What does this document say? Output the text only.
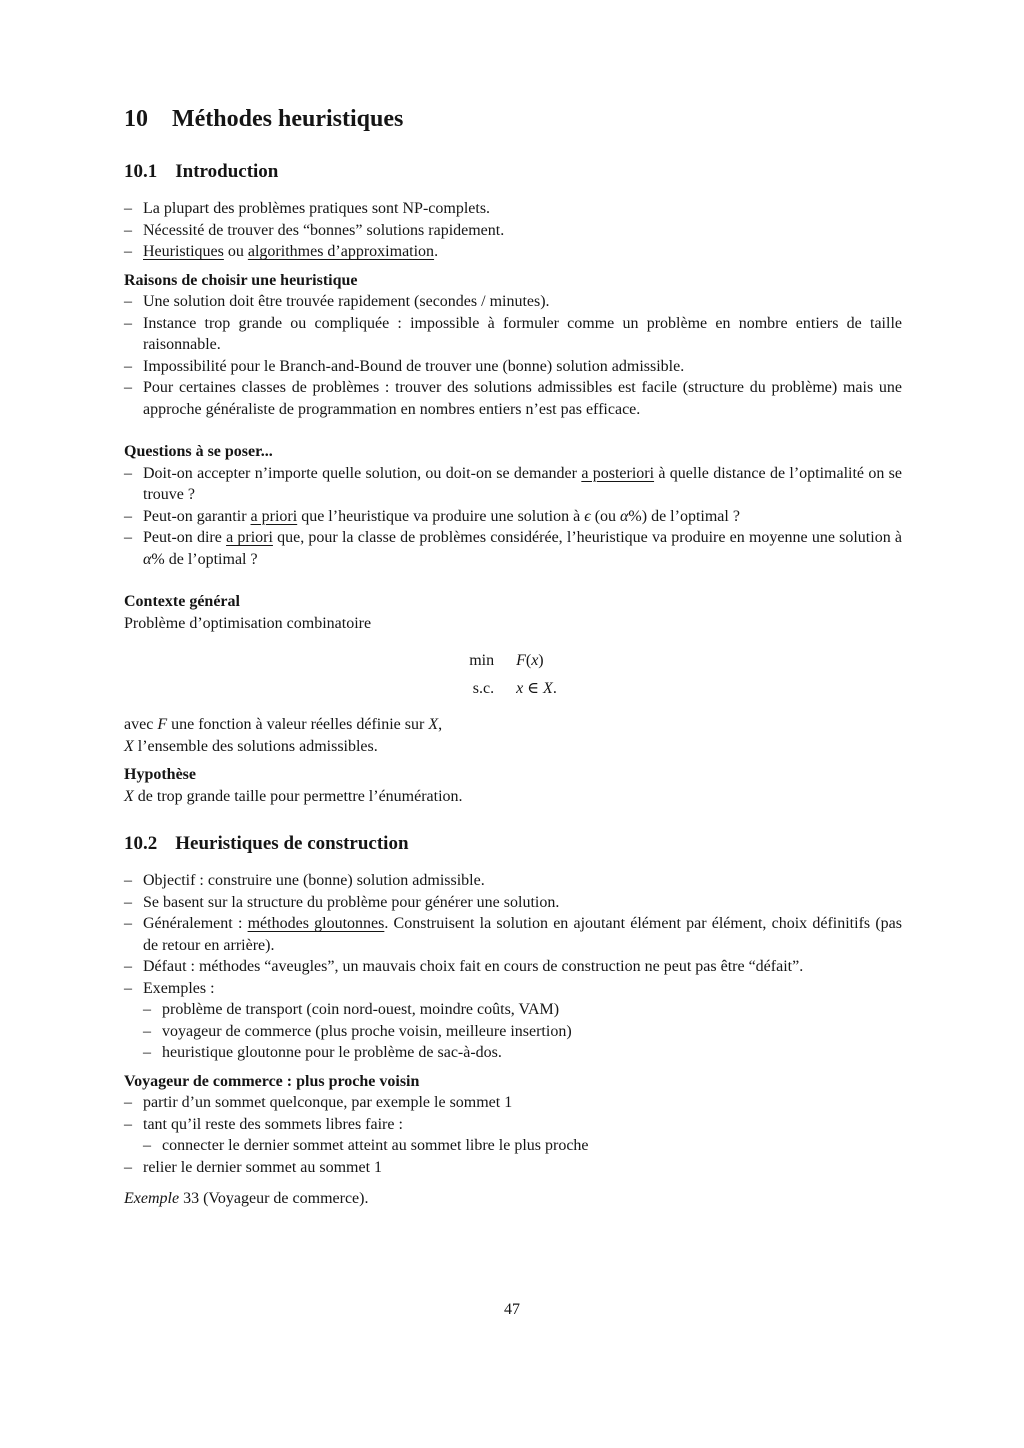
10 Méthodes heuristiques
10.1 Introduction
– La plupart des problèmes pratiques sont NP-complets.
– Nécessité de trouver des “bonnes” solutions rapidement.
– Heuristiques ou algorithmes d’approximation.
Raisons de choisir une heuristique
– Une solution doit être trouvée rapidement (secondes / minutes).
– Instance trop grande ou compliquée : impossible à formuler comme un problème en nombre entiers de taille raisonnable.
– Impossibilité pour le Branch-and-Bound de trouver une (bonne) solution admissible.
– Pour certaines classes de problèmes : trouver des solutions admissibles est facile (structure du problème) mais une approche généraliste de programmation en nombres entiers n’est pas efficace.
Questions à se poser...
– Doit-on accepter n’importe quelle solution, ou doit-on se demander a posteriori à quelle distance de l’optimalité on se trouve ?
– Peut-on garantir a priori que l’heuristique va produire une solution à ϵ (ou α%) de l’optimal ?
– Peut-on dire a priori que, pour la classe de problèmes considérée, l’heuristique va produire en moyenne une solution à α% de l’optimal ?
Contexte général
Problème d’optimisation combinatoire
min F(x)
s.c. x ∈ X.
avec F une fonction à valeur réelles définie sur X,
X l’ensemble des solutions admissibles.
Hypothèse
X de trop grande taille pour permettre l’énumération.
10.2 Heuristiques de construction
– Objectif : construire une (bonne) solution admissible.
– Se basent sur la structure du problème pour générer une solution.
– Généralement : méthodes gloutonnes. Construisent la solution en ajoutant élément par élément, choix définitifs (pas de retour en arrière).
– Défaut : méthodes “aveugles”, un mauvais choix fait en cours de construction ne peut pas être “défait”.
– Exemples :
– problème de transport (coin nord-ouest, moindre coûts, VAM)
– voyageur de commerce (plus proche voisin, meilleure insertion)
– heuristique gloutonne pour le problème de sac-à-dos.
Voyageur de commerce : plus proche voisin
– partir d’un sommet quelconque, par exemple le sommet 1
– tant qu’il reste des sommets libres faire :
– connecter le dernier sommet atteint au sommet libre le plus proche
– relier le dernier sommet au sommet 1
Exemple 33 (Voyageur de commerce).
47
